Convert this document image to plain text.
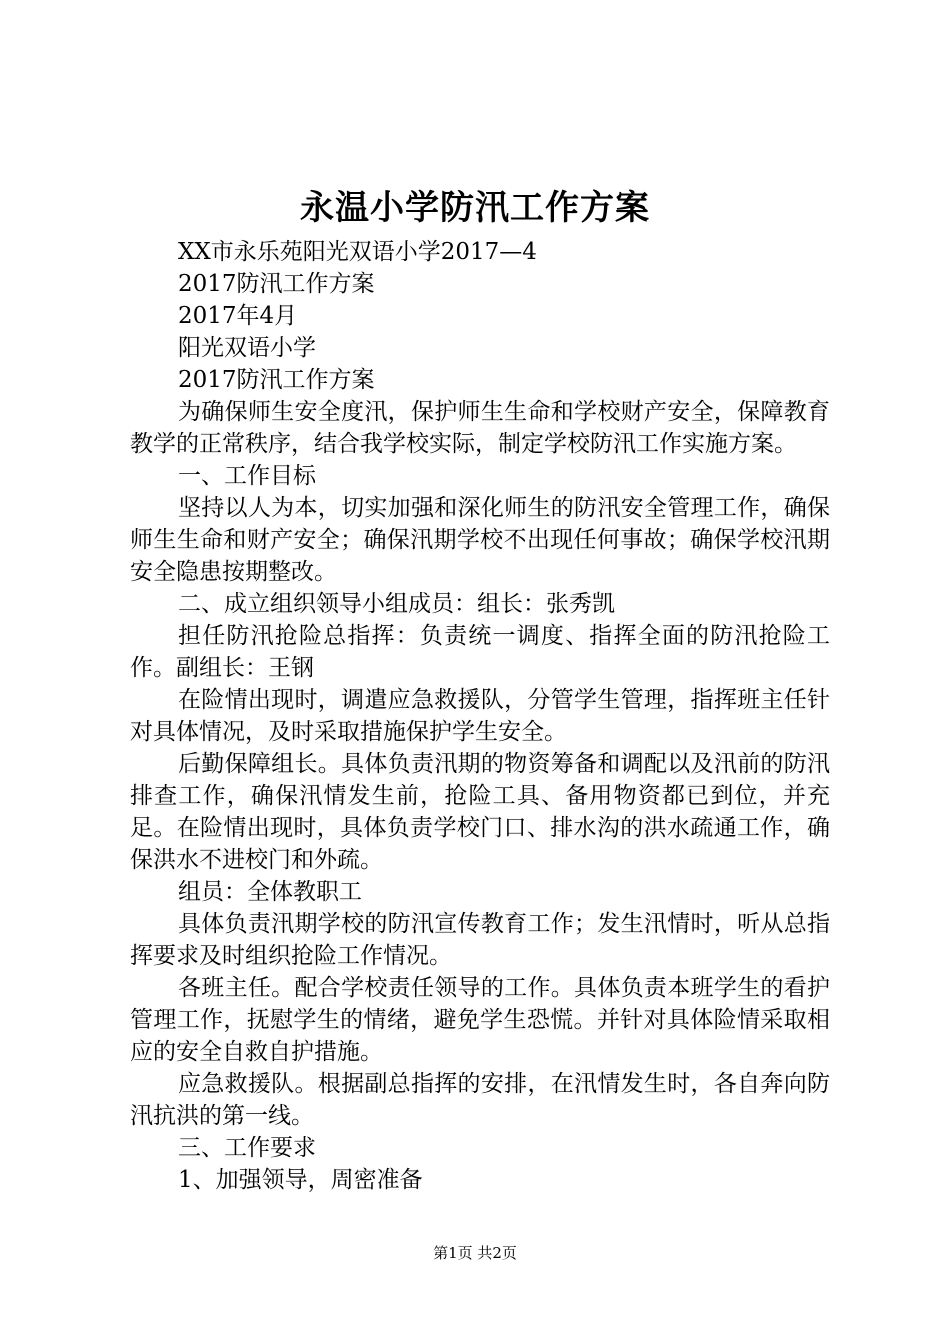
永温小学防汛工作方案

XX市永乐苑阳光双语小学2017—4

2017防汛工作方案

2017年4月

阳光双语小学

2017防汛工作方案

为确保师生安全度汛，保护师生生命和学校财产安全，保障教育教学的正常秩序，结合我学校实际，制定学校防汛工作实施方案。

一、工作目标

坚持以人为本，切实加强和深化师生的防汛安全管理工作，确保师生生命和财产安全；确保汛期学校不出现任何事故；确保学校汛期安全隐患按期整改。

二、成立组织领导小组成员：组长：张秀凯

担任防汛抢险总指挥：负责统一调度、指挥全面的防汛抢险工作。副组长：王钢

在险情出现时，调遣应急救援队，分管学生管理，指挥班主任针对具体情况，及时采取措施保护学生安全。

后勤保障组长。具体负责汛期的物资筹备和调配以及汛前的防汛排查工作，确保汛情发生前，抢险工具、备用物资都已到位，并充足。在险情出现时，具体负责学校门口、排水沟的洪水疏通工作，确保洪水不进校门和外疏。

组员：全体教职工

具体负责汛期学校的防汛宣传教育工作；发生汛情时，听从总指挥要求及时组织抢险工作情况。

各班主任。配合学校责任领导的工作。具体负责本班学生的看护管理工作，抚慰学生的情绪，避免学生恐慌。并针对具体险情采取相应的安全自救自护措施。

应急救援队。根据副总指挥的安排，在汛情发生时，各自奔向防汛抗洪的第一线。

三、工作要求

1、加强领导，周密准备

第1页 共2页
